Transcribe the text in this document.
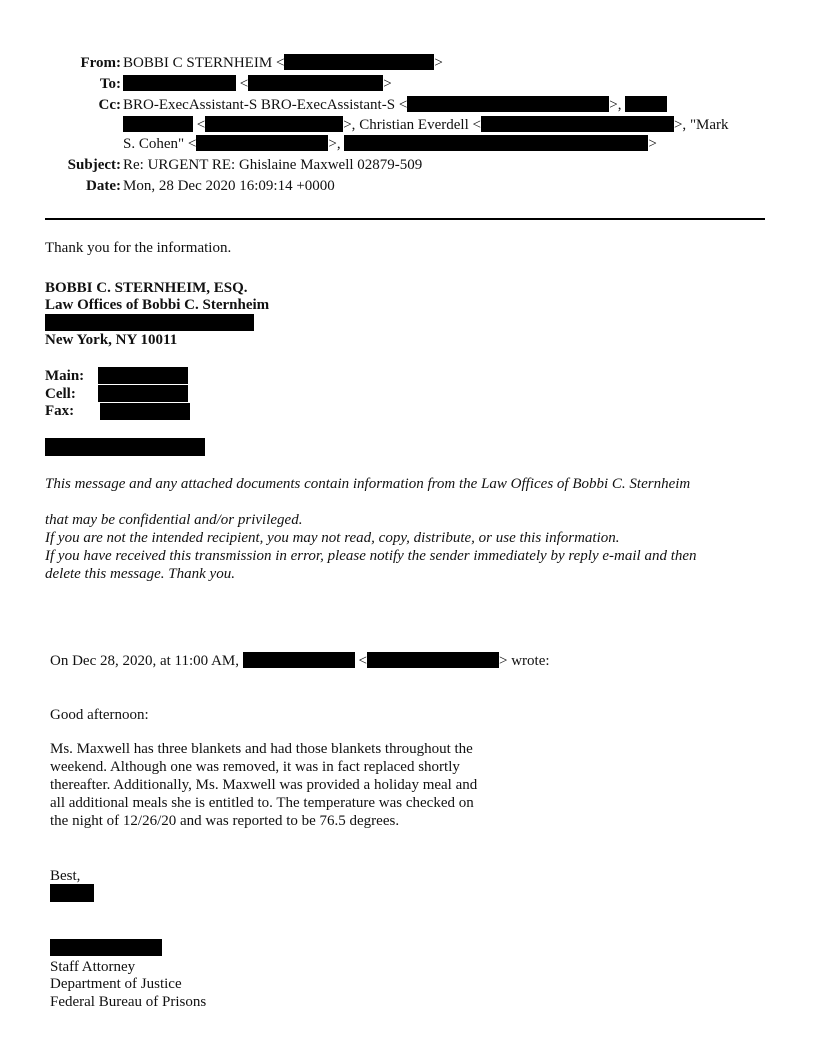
From: BOBBI C STERNHEIM <	>
To:	<	>
Cc: BRO-ExecAssistant-S BRO-ExecAssistant-S <	>,
<	>, Christian Everdell <	>, "Mark
S. Cohen" <	>,	>
Subject: Re: URGENT RE: Ghislaine Maxwell 02879-509
Date: Mon, 28 Dec 2020 16:09:14 +0000
Thank you for the information.
BOBBI C. STERNHEIM, ESQ.
Law Offices of Bobbi C. Sternheim
New York, NY 10011
Main:
Cell:
Fax:
This message and any attached documents contain information from the Law Offices of Bobbi C. Sternheim
that may be confidential and/or privileged.
If you are not the intended recipient, you may not read, copy, distribute, or use this information.
If you have received this transmission in error, please notify the sender immediately by reply e-mail and then
delete this message. Thank you.
On Dec 28, 2020, at 11:00 AM,	<	> wrote:
Good afternoon:
Ms. Maxwell has three blankets and had those blankets throughout the
weekend. Although one was removed, it was in fact replaced shortly
thereafter. Additionally, Ms. Maxwell was provided a holiday meal and
all additional meals she is entitled to. The temperature was checked on
the night of 12/26/20 and was reported to be 76.5 degrees.
Best,
Staff Attorney
Department of Justice
Federal Bureau of Prisons
